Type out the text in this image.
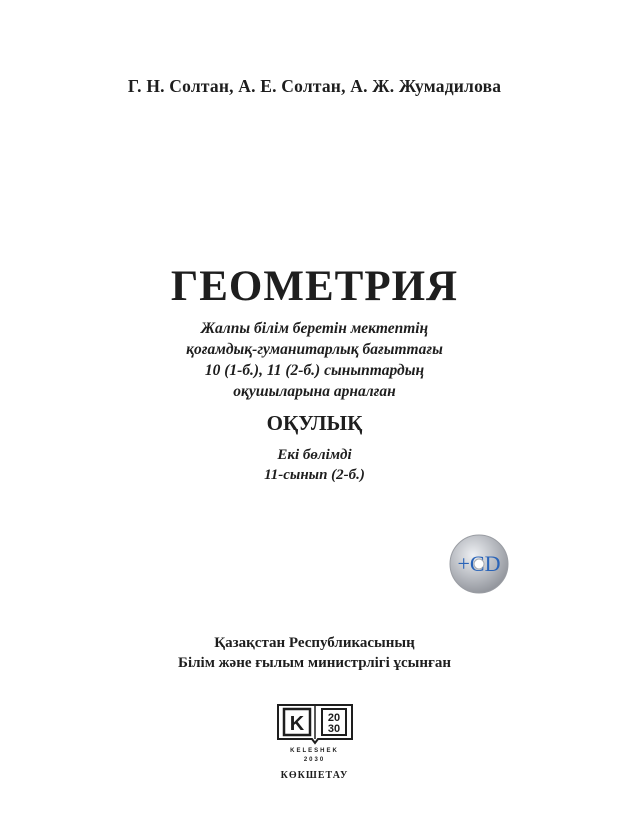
Г. Н. Солтан, А. Е. Солтан, А. Ж. Жумадилова
ГЕОМЕТРИЯ
Жалпы білім беретін мектептің
қоғамдық-гуманитарлық бағыттағы
10 (1-б.), 11 (2-б.) сыныптардың
оқушыларына арналған
ОҚУЛЫҚ
Екі бөлімді
11-сынып (2-б.)
+CD
Қазақстан Республикасының
Білім және ғылым министрлігі ұсынған
K 20
30
KELESHEK
2030
КӨКШЕТАУ
